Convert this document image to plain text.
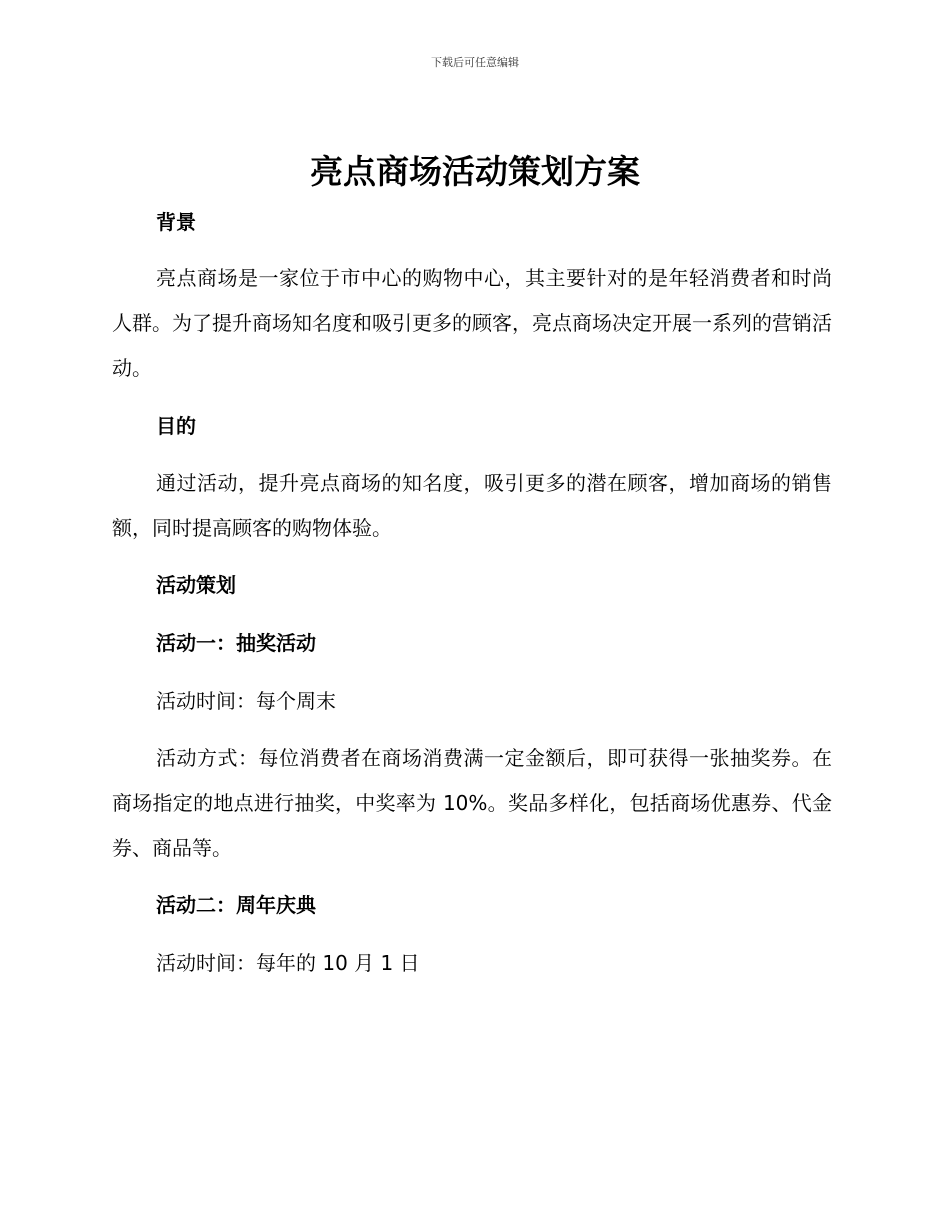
下载后可任意编辑
亮点商场活动策划方案
背景
亮点商场是一家位于市中心的购物中心，其主要针对的是年轻消费者和时尚人群。为了提升商场知名度和吸引更多的顾客，亮点商场决定开展一系列的营销活动。
目的
通过活动，提升亮点商场的知名度，吸引更多的潜在顾客，增加商场的销售额，同时提高顾客的购物体验。
活动策划
活动一：抽奖活动
活动时间：每个周末
活动方式：每位消费者在商场消费满一定金额后，即可获得一张抽奖券。在商场指定的地点进行抽奖，中奖率为 10%。奖品多样化，包括商场优惠券、代金券、商品等。
活动二：周年庆典
活动时间：每年的 10 月 1 日
